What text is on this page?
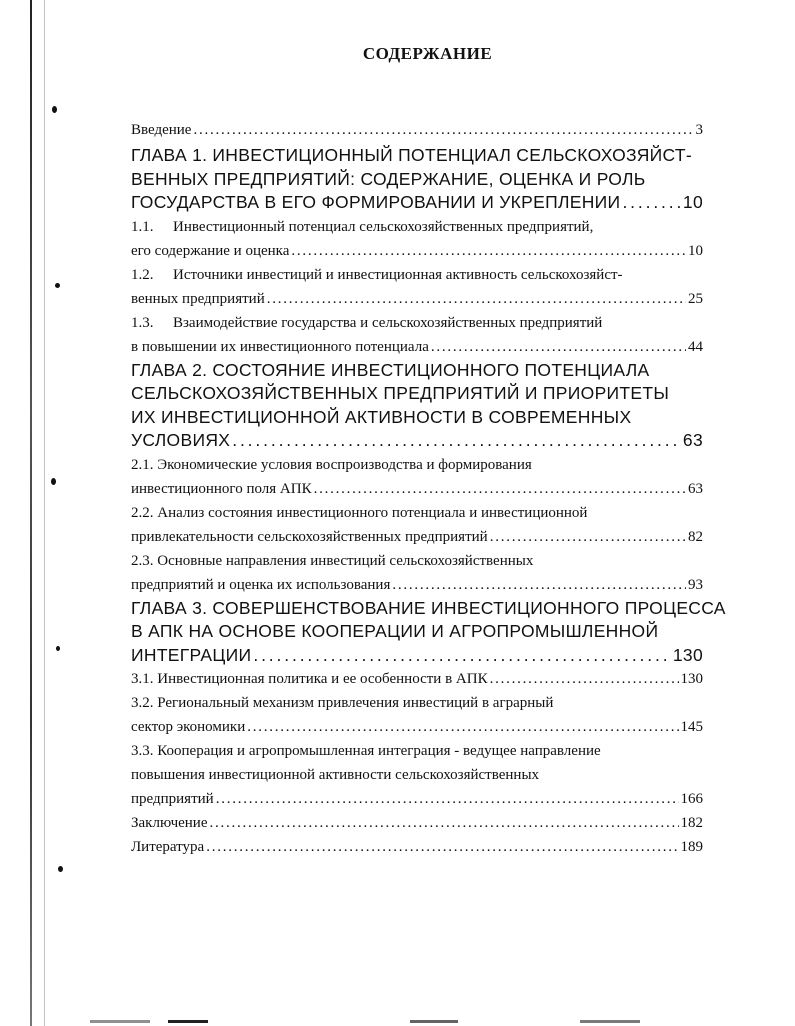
СОДЕРЖАНИЕ
Введение . . .	3
ГЛАВА 1. ИНВЕСТИЦИОННЫЙ ПОТЕНЦИАЛ СЕЛЬСКОХОЗЯЙСТ-
ВЕННЫХ ПРЕДПРИЯТИЙ: СОДЕРЖАНИЕ, ОЦЕНКА И РОЛЬ
ГОСУДАРСТВА В ЕГО ФОРМИРОВАНИИ И УКРЕПЛЕНИИ . . .	10
1.1. Инвестиционный потенциал сельскохозяйственных предприятий,
его содержание и оценка . . .	10
1.2. Источники инвестиций и инвестиционная активность сельскохозяйст-
венных предприятий . . .	25
1.3. Взаимодействие государства и сельскохозяйственных предприятий
в повышении их инвестиционного потенциала . . .	44
ГЛАВА 2. СОСТОЯНИЕ ИНВЕСТИЦИОННОГО ПОТЕНЦИАЛА
СЕЛЬСКОХОЗЯЙСТВЕННЫХ ПРЕДПРИЯТИЙ И ПРИОРИТЕТЫ
ИХ ИНВЕСТИЦИОННОЙ АКТИВНОСТИ В СОВРЕМЕННЫХ
УСЛОВИЯХ . . .	63
2.1. Экономические условия воспроизводства и формирования
инвестиционного поля АПК . . .	63
2.2. Анализ состояния инвестиционного потенциала и инвестиционной
привлекательности сельскохозяйственных предприятий . . .	82
2.3. Основные направления инвестиций сельскохозяйственных
предприятий и оценка их использования . . .	93
ГЛАВА 3. СОВЕРШЕНСТВОВАНИЕ ИНВЕСТИЦИОННОГО ПРОЦЕССА
В АПК НА ОСНОВЕ КООПЕРАЦИИ И АГРОПРОМЫШЛЕННОЙ
ИНТЕГРАЦИИ . . .	130
3.1. Инвестиционная политика и ее особенности в АПК . . .	130
3.2. Региональный механизм привлечения инвестиций в аграрный
сектор экономики . . .	145
3.3. Кооперация и агропромышленная интеграция - ведущее направление
повышения инвестиционной активности сельскохозяйственных
предприятий . . .	166
Заключение . . .	182
Литература . . .	189
